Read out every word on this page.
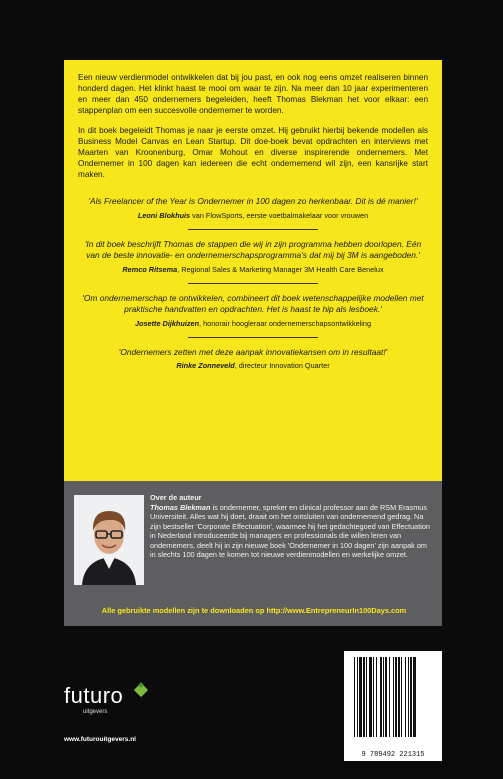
Een nieuw verdienmodel ontwikkelen dat bij jou past, en ook nog eens omzet realiseren binnen honderd dagen. Het klinkt haast te mooi om waar te zijn. Na meer dan 10 jaar experimenteren en meer dan 450 ondernemers begeleiden, heeft Thomas Blekman het voor elkaar: een stappenplan om een succesvolle ondernemer te worden.

In dit boek begeleidt Thomas je naar je eerste omzet. Hij gebruikt hierbij bekende modellen als Business Model Canvas en Lean Startup. Dit doe-boek bevat opdrachten en interviews met Maarten van Kroonenburg, Omar Mohout en diverse inspirerende ondernemers. Met Ondernemer in 100 dagen kan iedereen die echt ondernemend wil zijn, een kansrijke start maken.

'Als Freelancer of the Year is Ondernemer in 100 dagen zo herkenbaar. Dit is dé manier!'
Leoni Blokhuis van FlowSports, eerste voetbalmakelaar voor vrouwen
'In dit boek beschrijft Thomas de stappen die wij in zijn programma hebben doorlopen. Eén van de beste innovatie- en ondernemerschapsprogramma's dat mij bij 3M is aangeboden.'
Remco Ritsema, Regional Sales & Marketing Manager 3M Health Care Benelux
'Om ondernemerschap te ontwikkelen, combineert dit boek wetenschappelijke modellen met praktische handvatten en opdrachten. Het is haast te hip als lesboek.'
Josette Dijkhuizen, honorair hoogleraar ondernemerschapsontwikkeling
'Ondernemers zetten met deze aanpak innovatiekansen om in resultaat!'
Rinke Zonneveld, directeur Innovation Quarter
Over de auteur
Thomas Blekman is ondernemer, spreker en clinical professor aan de RSM Erasmus Universiteit. Alles wat hij doet, draait om het ontsluiten van ondernemend gedrag. Na zijn bestseller 'Corporate Effectuation', waarmee hij het gedachtegoed van Effectuation in Nederland introduceerde bij managers en professionals die willen leren van ondernemers, deelt hij in zijn nieuwe boek 'Ondernemer in 100 dagen' zijn aanpak om in slechts 100 dagen te komen tot nieuwe verdienmodellen en werkelijke omzet.
Alle gebruikte modellen zijn te downloaden op http://www.EntrepreneurIn100Days.com
futuro
uitgevers
www.futurouitgevers.nl
9 789492 221315
